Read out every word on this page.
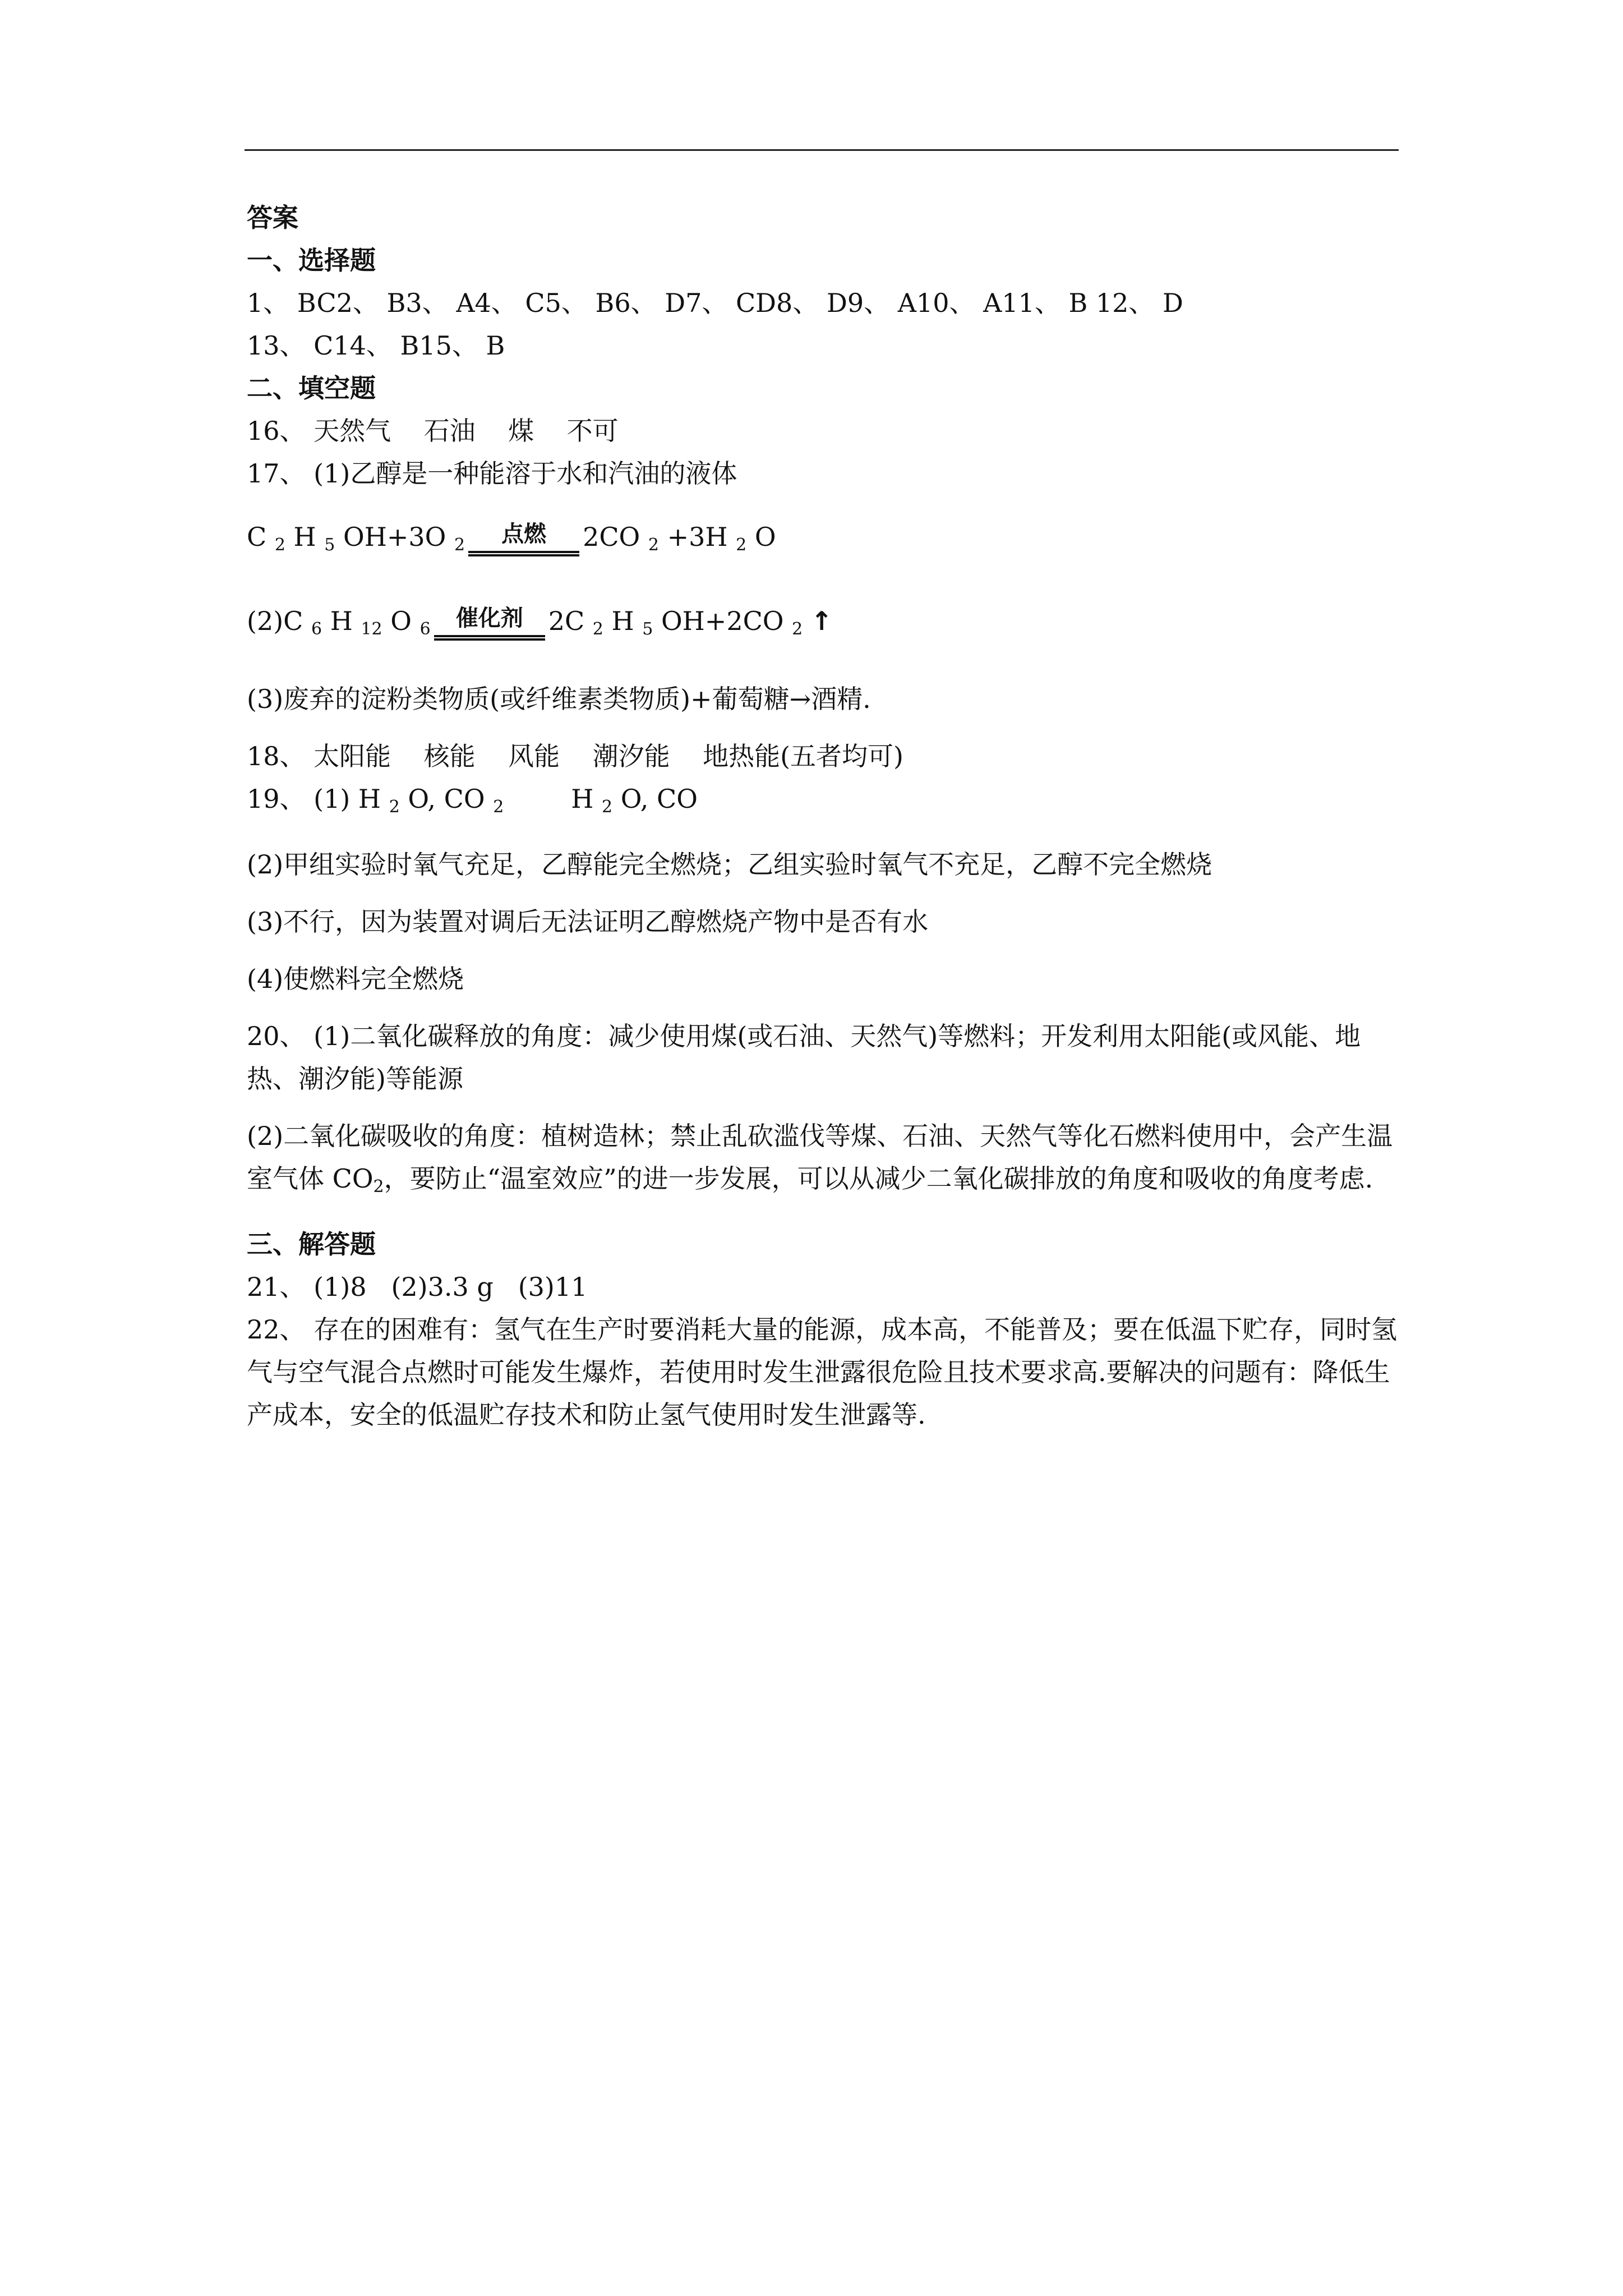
答案
一、选择题
1、 BC2、 B3、 A4、 C5、 B6、 D7、 CD8、 D9、 A10、 A11、 B 12、 D
13、 C14、 B15、 B
二、填空题
16、 天然气    石油    煤    不可
17、 (1)乙醇是一种能溶于水和汽油的液体

C $_2$ H $_5$ OH+3O $_2$	点燃	2CO $_2$ +3H $_2$ O

(2)C $_6$ H $_{12}$ O $_6$	催化剂 2C $_2$ H $_5$ OH+2CO $_2$ ↑

(3)废弃的淀粉类物质(或纤维素类物质)+葡萄糖→酒精.
18、 太阳能    核能    风能    潮汐能    地热能(五者均可)
19、 (1) H $_2$ O, CO $_2$	H $_2$ O, CO
(2)甲组实验时氧气充足，乙醇能完全燃烧；乙组实验时氧气不充足，乙醇不完全燃烧
(3)不行，因为装置对调后无法证明乙醇燃烧产物中是否有水
(4)使燃料完全燃烧
20、 (1)二氧化碳释放的角度：减少使用煤(或石油、天然气)等燃料；开发利用太阳能(或风能、地热、潮汐能)等能源
(2)二氧化碳吸收的角度：植树造林；禁止乱砍滥伐等煤、石油、天然气等化石燃料使用中，会产生温室气体 $CO_2$，要防止“温室效应”的进一步发展，可以从减少二氧化碳排放的角度和吸收的角度考虑.
三、解答题
21、 (1)8   (2)3.3 g   (3)11
22、 存在的困难有：氢气在生产时要消耗大量的能源，成本高，不能普及；要在低温下贮存，同时氢气与空气混合点燃时可能发生爆炸，若使用时发生泄露很危险且技术要求高.要解决的问题有：降低生产成本，安全的低温贮存技术和防止氢气使用时发生泄露等.
